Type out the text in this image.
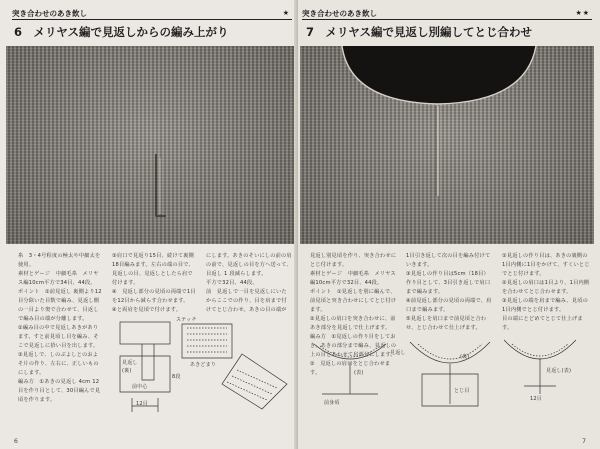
突き合わせのあき飲し	★
6　メリヤス編で見返しからの編み上がり

糸　3・4号程度の極太や中細太を使用。

素材とゲージ　中細毛糸　メリヤス編10cm平方で34目、44段。

ポイント　①前見返し 裏側より12目分除いた目数で編み、見返し側の一目より奥で合わせて、目返しで編み目の端が分離します。

②編み目の中で見返しあきがあります。すと前見頃し目を編み、そこで見返しに拾い目を出します。

③見返しで、しのぶよしとのおよそ片の作り、左右に、正しいものにします。

編み方　①あきの見返し 4cm 12目を作り目として、30目編んで見頃を作ります。

③肩口で見返り15目、続けて裏側18目編みます。左右の端の目で、見返しの目、見返しとしたら肩で付けます。

④　見返し部分の見頃の両端で1目を12目から減らす合わせます。

④と両肩を見頃で付けます。

にします。あきのそいにしの前の肩の前で、見返しの目を方へ送って、目返し 1 段減らします。

平方で32目、44段。

前　見返しで一目を見返しにいたからここでの作り、目を肩まで付けてとじ合わせ。あきの目の端が 　

ステッチ
見返し
(裏)
前中心
あきどまり
8段
12目
6
突き合わせのあき飲し	★★
7　メリヤス編で見返し別編してとじ合わせ

見返し別見頃を作り、突き合わせにとじ付けます。

素材とゲージ　中細毛糸　メリヤス編10cm平方で32目、44段。

ポイント　①見返しを別に編んで、前見頃と突き合わせにしてとじ付けます。

②見返しの肩口を突き合わせに、前あき部分を見返しで仕上げます。

編み方　①見返しの作り目をしておき、あきの部分まで編み、見返しの上の目とあわせて肩部分にします。

②　見返しの肩口をとじ合わせます。

1目引き返して次の目を編み付けていきます。

③見返しの作り目は5cm（18目）作り目として、3目引き返しで肩口まで編みます。

④前見返し部分の見頃の両端で、肩口まで編みます。

⑤見返しを肩口まで前見頃と合わせ、とじ合わせて仕上げます。

①見返しの作り目は、あきの裏側の1目内側に1目をかけて、すくいとじでとじ付けます。

②見返しの肩口は1目より、1目内側を合わせてとじ合わせます。

③見返しの端を肩まで編み、見頃の1目内側でとじ付けます。

目の端にとどめてとじて仕上げます。

見返し
(表)
前身頃
とじ目
(裏)
見返し(表)
12目
7
